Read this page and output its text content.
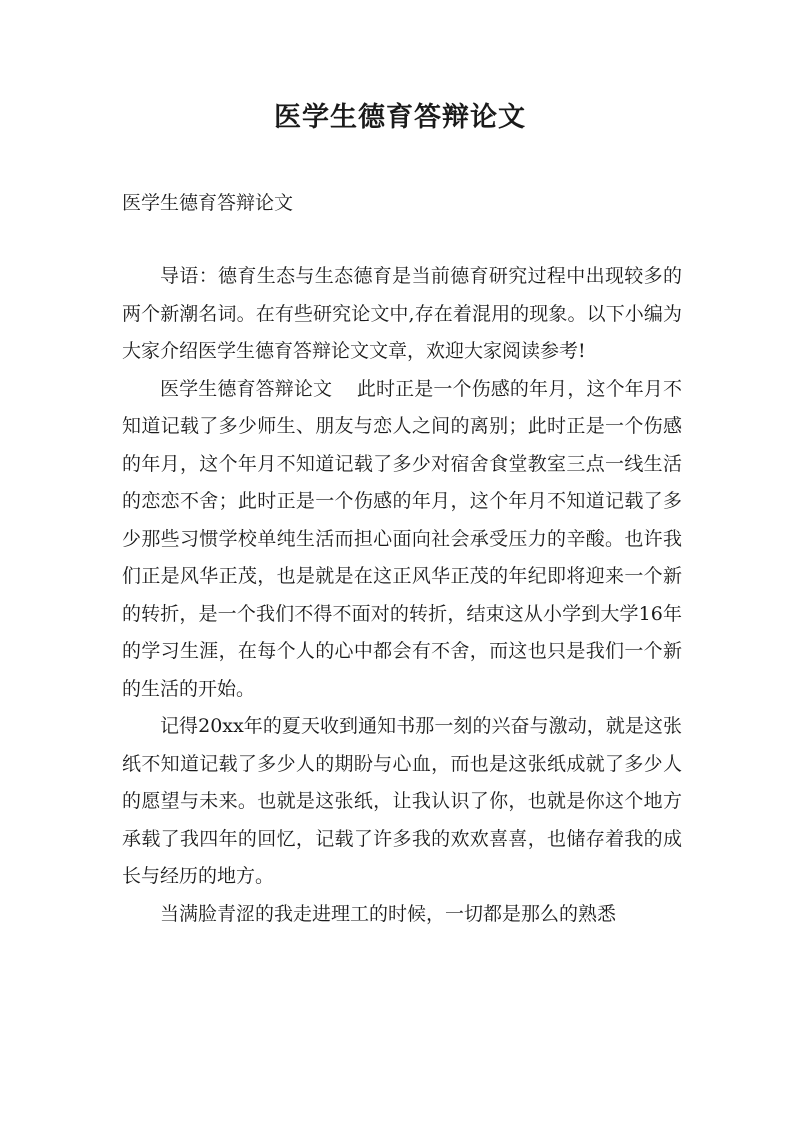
医学生德育答辩论文
医学生德育答辩论文

导语：德育生态与生态德育是当前德育研究过程中出现较多的两个新潮名词。在有些研究论文中,存在着混用的现象。以下小编为大家介绍医学生德育答辩论文文章，欢迎大家阅读参考!

医学生德育答辩论文 此时正是一个伤感的年月，这个年月不知道记载了多少师生、朋友与恋人之间的离别；此时正是一个伤感的年月，这个年月不知道记载了多少对宿舍食堂教室三点一线生活的恋恋不舍；此时正是一个伤感的年月，这个年月不知道记载了多少那些习惯学校单纯生活而担心面向社会承受压力的辛酸。也许我们正是风华正茂，也是就是在这正风华正茂的年纪即将迎来一个新的转折，是一个我们不得不面对的转折，结束这从小学到大学16年的学习生涯，在每个人的心中都会有不舍，而这也只是我们一个新的生活的开始。

记得20xx年的夏天收到通知书那一刻的兴奋与激动，就是这张纸不知道记载了多少人的期盼与心血，而也是这张纸成就了多少人的愿望与未来。也就是这张纸，让我认识了你，也就是你这个地方承载了我四年的回忆，记载了许多我的欢欢喜喜，也储存着我的成长与经历的地方。

当满脸青涩的我走进理工的时候，一切都是那么的熟悉
